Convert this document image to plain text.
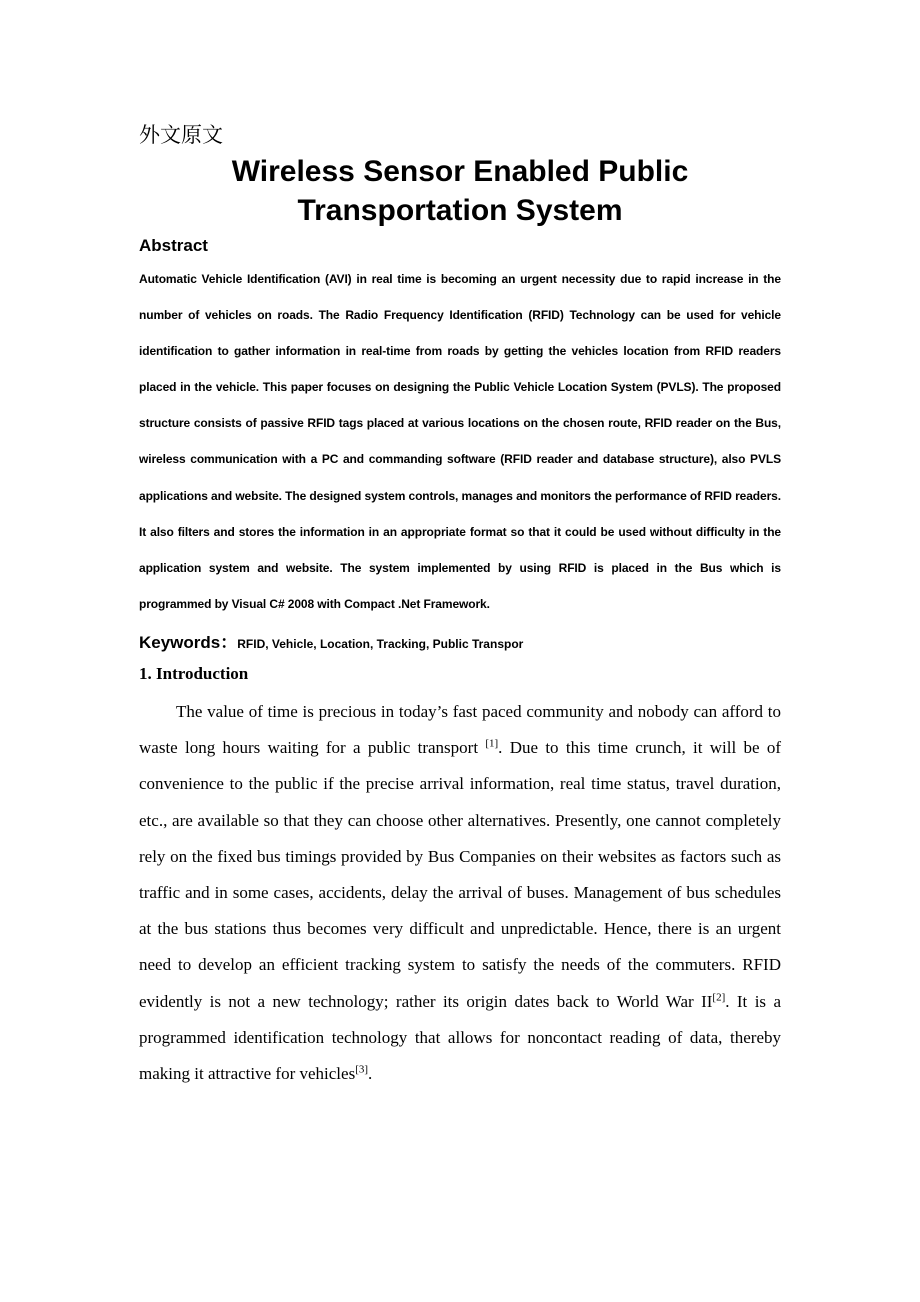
外文原文

Wireless Sensor Enabled Public Transportation System
Abstract

Automatic Vehicle Identification (AVI) in real time is becoming an urgent necessity due to rapid increase in the number of vehicles on roads. The Radio Frequency Identification (RFID) Technology can be used for vehicle identification to gather information in real-time from roads by getting the vehicles location from RFID readers placed in the vehicle. This paper focuses on designing the Public Vehicle Location System (PVLS). The proposed structure consists of passive RFID tags placed at various locations on the chosen route, RFID reader on the Bus, wireless communication with a PC and commanding software (RFID reader and database structure), also PVLS applications and website. The designed system controls, manages and monitors the performance of RFID readers. It also filters and stores the information in an appropriate format so that it could be used without difficulty in the application system and website. The system implemented by using RFID is placed in the Bus which is programmed by Visual C# 2008 with Compact .Net Framework.

Keywords：RFID, Vehicle, Location, Tracking, Public Transpor

1. Introduction

The value of time is precious in today’s fast paced community and nobody can afford to waste long hours waiting for a public transport [1]. Due to this time crunch, it will be of convenience to the public if the precise arrival information, real time status, travel duration, etc., are available so that they can choose other alternatives. Presently, one cannot completely rely on the fixed bus timings provided by Bus Companies on their websites as factors such as traffic and in some cases, accidents, delay the arrival of buses. Management of bus schedules at the bus stations thus becomes very difficult and unpredictable. Hence, there is an urgent need to develop an efficient tracking system to satisfy the needs of the commuters. RFID evidently is not a new technology; rather its origin dates back to World War II[2]. It is a programmed identification technology that allows for noncontact reading of data, thereby making it attractive for vehicles[3].
